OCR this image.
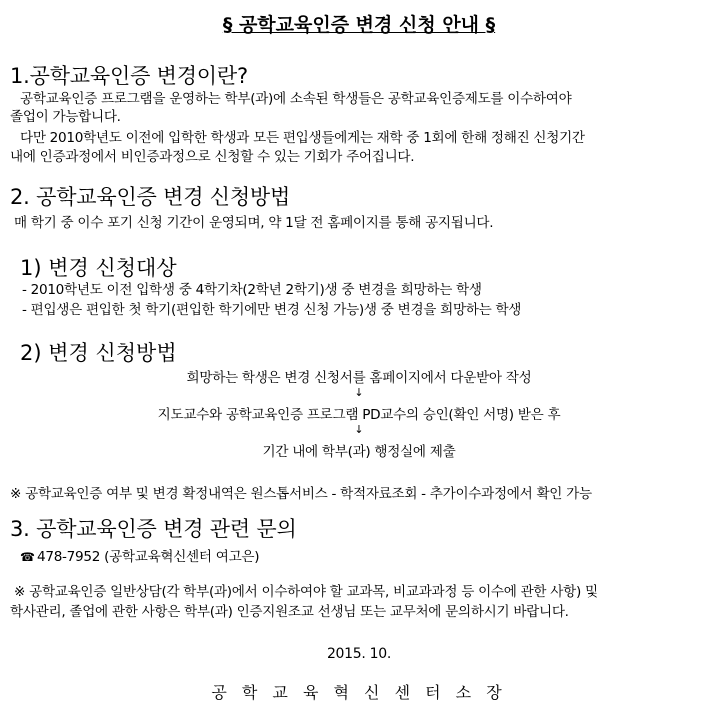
§ 공학교육인증 변경 신청 안내 §
1.공학교육인증 변경이란?
공학교육인증 프로그램을 운영하는 학부(과)에 소속된 학생들은 공학교육인증제도를 이수하여야
졸업이 가능합니다.
다만 2010학년도 이전에 입학한 학생과 모든 편입생들에게는 재학 중 1회에 한해 정해진 신청기간
내에 인증과정에서 비인증과정으로 신청할 수 있는 기회가 주어집니다.
2. 공학교육인증 변경 신청방법
매 학기 중 이수 포기 신청 기간이 운영되며, 약 1달 전 홈페이지를 통해 공지됩니다.
1) 변경 신청대상
- 2010학년도 이전 입학생 중 4학기차(2학년 2학기)생 중 변경을 희망하는 학생
- 편입생은 편입한 첫 학기(편입한 학기에만 변경 신청 가능)생 중 변경을 희망하는 학생
2) 변경 신청방법
희망하는 학생은 변경 신청서를 홈페이지에서 다운받아 작성
↓
지도교수와 공학교육인증 프로그램 PD교수의 승인(확인 서명) 받은 후
↓
기간 내에 학부(과) 행정실에 제출
※ 공학교육인증 여부 및 변경 확정내역은 원스톱서비스 - 학적자료조회 - 추가이수과정에서 확인 가능
3. 공학교육인증 변경 관련 문의
☎ 478-7952 (공학교육혁신센터 여고은)
※ 공학교육인증 일반상담(각 학부(과)에서 이수하여야 할 교과목, 비교과과정 등 이수에 관한 사항) 및
학사관리, 졸업에 관한 사항은 학부(과) 인증지원조교 선생님 또는 교무처에 문의하시기 바랍니다.
2015. 10.
공 학 교 육 혁 신 센 터 소 장
